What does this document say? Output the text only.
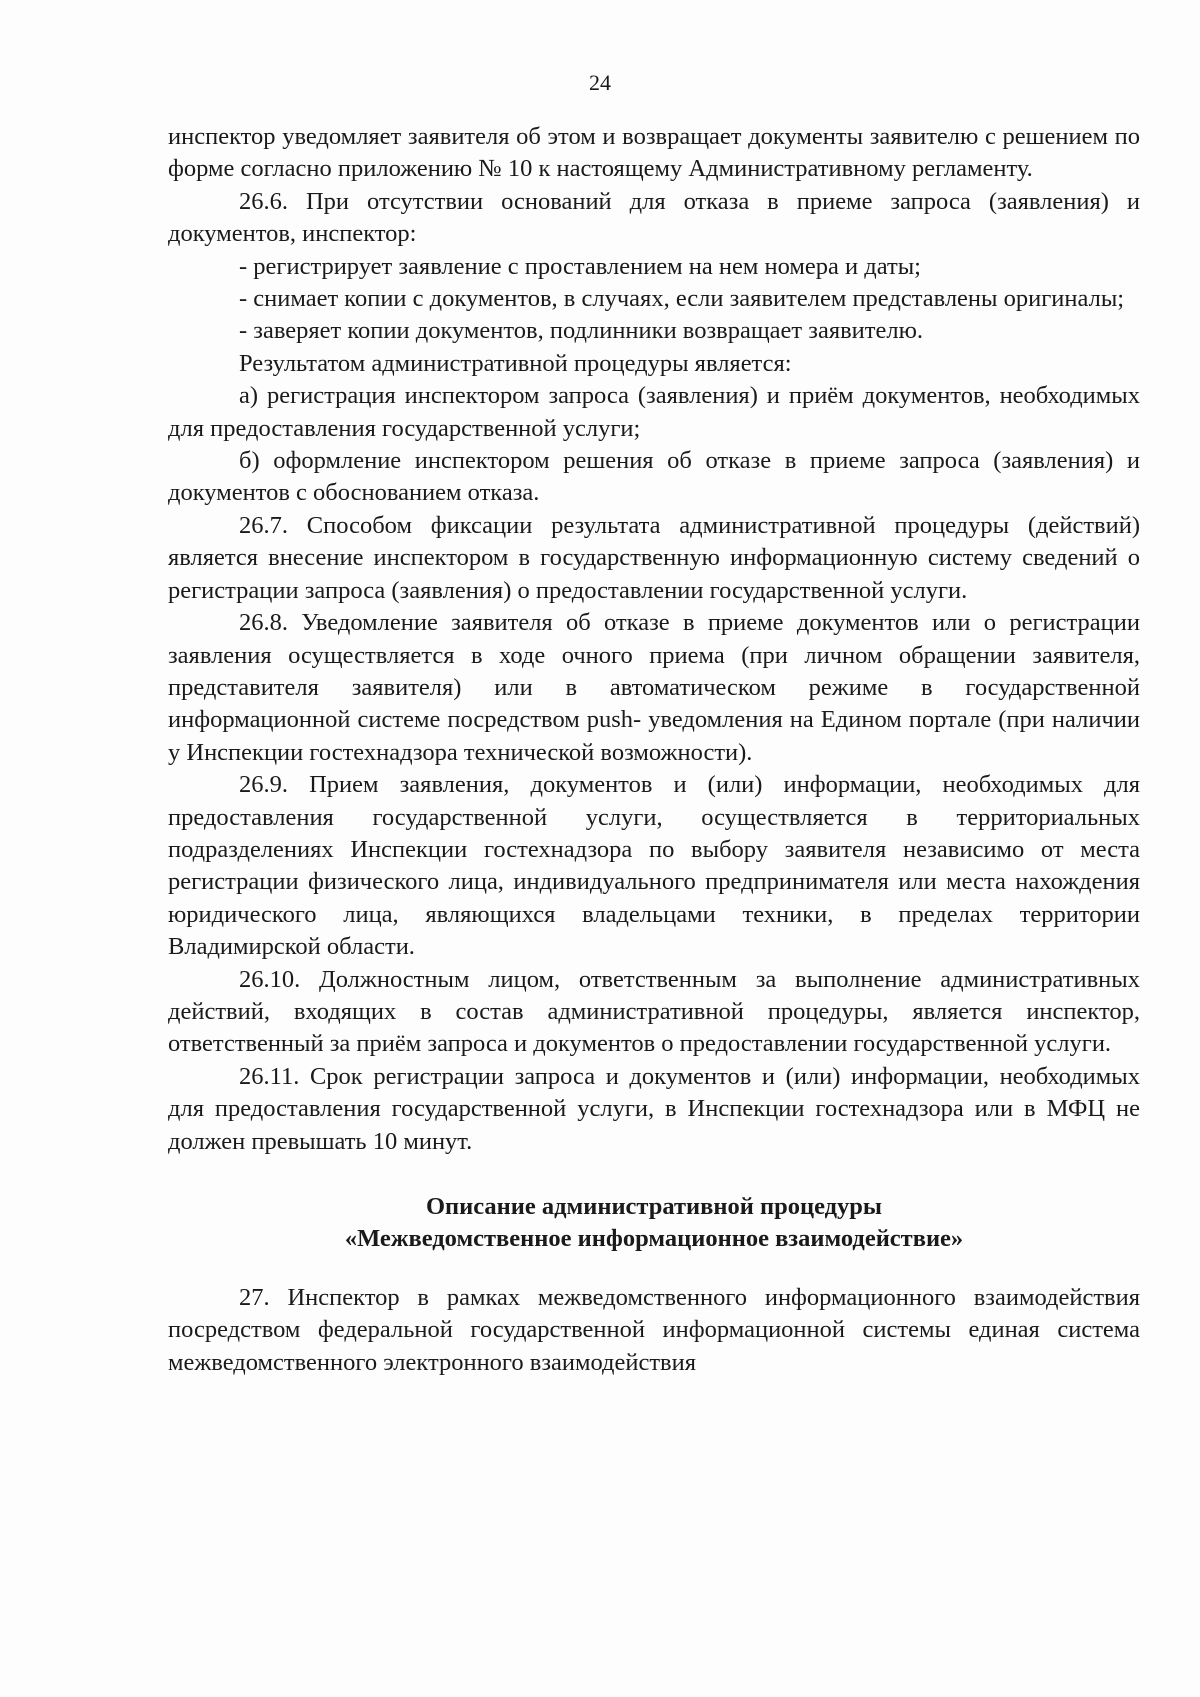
24

инспектор уведомляет заявителя об этом и возвращает документы заявителю с решением по форме согласно приложению № 10 к настоящему Административному регламенту.

26.6. При отсутствии оснований для отказа в приеме запроса (заявления) и документов, инспектор:

- регистрирует заявление с проставлением на нем номера и даты;

- снимает копии с документов, в случаях, если заявителем представлены оригиналы;

- заверяет копии документов, подлинники возвращает заявителю.

Результатом административной процедуры является:

а) регистрация инспектором запроса (заявления) и приём документов, необходимых для предоставления государственной услуги;

б) оформление инспектором решения об отказе в приеме запроса (заявления) и документов с обоснованием отказа.

26.7. Способом фиксации результата административной процедуры (действий) является внесение инспектором в государственную информационную систему сведений о регистрации запроса (заявления) о предоставлении государственной услуги.

26.8. Уведомление заявителя об отказе в приеме документов или о регистрации заявления осуществляется в ходе очного приема (при личном обращении заявителя, представителя заявителя) или в автоматическом режиме в государственной информационной системе посредством push- уведомления на Едином портале (при наличии у Инспекции гостехнадзора технической возможности).

26.9. Прием заявления, документов и (или) информации, необходимых для предоставления государственной услуги, осуществляется в территориальных подразделениях Инспекции гостехнадзора по выбору заявителя независимо от места регистрации физического лица, индивидуального предпринимателя или места нахождения юридического лица, являющихся владельцами техники, в пределах территории Владимирской области.

26.10. Должностным лицом, ответственным за выполнение административных действий, входящих в состав административной процедуры, является инспектор, ответственный за приём запроса и документов о предоставлении государственной услуги.

26.11. Срок регистрации запроса и документов и (или) информации, необходимых для предоставления государственной услуги, в Инспекции гостехнадзора или в МФЦ не должен превышать 10 минут.

Описание административной процедуры
«Межведомственное информационное взаимодействие»

27. Инспектор в рамках межведомственного информационного взаимодействия посредством федеральной государственной информационной системы единая система межведомственного электронного взаимодействия
